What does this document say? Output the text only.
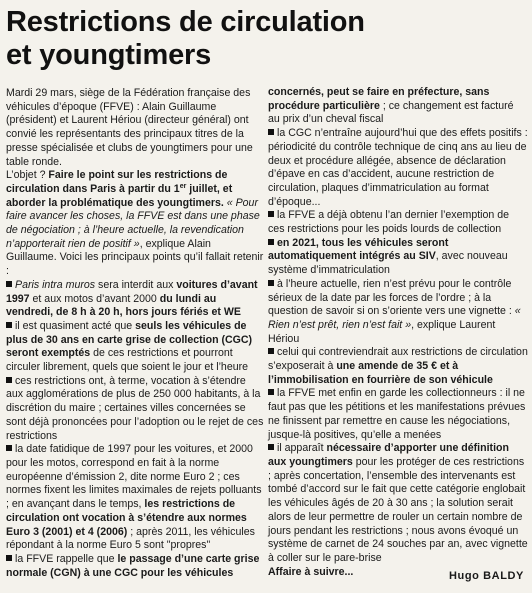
Restrictions de circulation
et youngtimers

Mardi 29 mars, siège de la Fédération française des véhicules d’époque (FFVE) : Alain Guillaume (président) et Laurent Hériou (directeur général) ont convié les représentants des principaux titres de la presse spécialisée et clubs de youngtimers pour une table ronde.

L’objet ? Faire le point sur les restrictions de circulation dans Paris à partir du 1er juillet, et aborder la problématique des youngtimers. « Pour faire avancer les choses, la FFVE est dans une phase de négociation ; à l’heure actuelle, la revendication n’apporterait rien de positif », explique Alain Guillaume. Voici les principaux points qu’il fallait retenir :

Paris intra muros sera interdit aux voitures d’avant 1997 et aux motos d’avant 2000 du lundi au vendredi, de 8 h à 20 h, hors jours fériés et WE

il est quasiment acté que seuls les véhicules de plus de 30 ans en carte grise de collection (CGC) seront exemptés de ces restrictions et pourront circuler librement, quels que soient le jour et l’heure

ces restrictions ont, à terme, vocation à s’étendre aux agglomérations de plus de 250 000 habitants, à la discrétion du maire ; certaines villes concernées se sont déjà prononcées pour l’adoption ou le rejet de ces restrictions

la date fatidique de 1997 pour les voitures, et 2000 pour les motos, correspond en fait à la norme européenne d’émission 2, dite norme Euro 2 ; ces normes fixent les limites maximales de rejets polluants ; en avançant dans le temps, les restrictions de circulation ont vocation à s’étendre aux normes Euro 3 (2001) et 4 (2006) ; après 2011, les véhicules répondant à la norme Euro 5 sont "propres"

la FFVE rappelle que le passage d’une carte grise normale (CGN) à une CGC pour les véhicules

concernés, peut se faire en préfecture, sans procédure particulière ; ce changement est facturé au prix d’un cheval fiscal

la CGC n’entraîne aujourd’hui que des effets positifs : périodicité du contrôle technique de cinq ans au lieu de deux et procédure allégée, absence de déclaration d’épave en cas d’accident, aucune restriction de circulation, plaques d’immatriculation au format d’époque...

la FFVE a déjà obtenu l’an dernier l’exemption de ces restrictions pour les poids lourds de collection

en 2021, tous les véhicules seront automatiquement intégrés au SIV, avec nouveau système d’immatriculation

à l’heure actuelle, rien n’est prévu pour le contrôle sérieux de la date par les forces de l’ordre ; à la question de savoir si on s’oriente vers une vignette : « Rien n’est prêt, rien n’est fait », explique Laurent Hériou

celui qui contreviendrait aux restrictions de circulation s’exposerait à une amende de 35 € et à l’immobilisation en fourrière de son véhicule

la FFVE met enfin en garde les collectionneurs : il ne faut pas que les pétitions et les manifestations prévues ne finissent par remettre en cause les négociations, jusque-là positives, qu’elle a menées

il apparaît nécessaire d’apporter une définition aux youngtimers pour les protéger de ces restrictions ; après concertation, l’ensemble des intervenants est tombé d’accord sur le fait que cette catégorie englobait les véhicules âgés de 20 à 30 ans ; la solution serait alors de leur permettre de rouler un certain nombre de jours pendant les restrictions ; nous avons évoqué un système de carnet de 24 souches par an, avec vignette à coller sur le pare-brise

Affaire à suivre...	Hugo BALDY
